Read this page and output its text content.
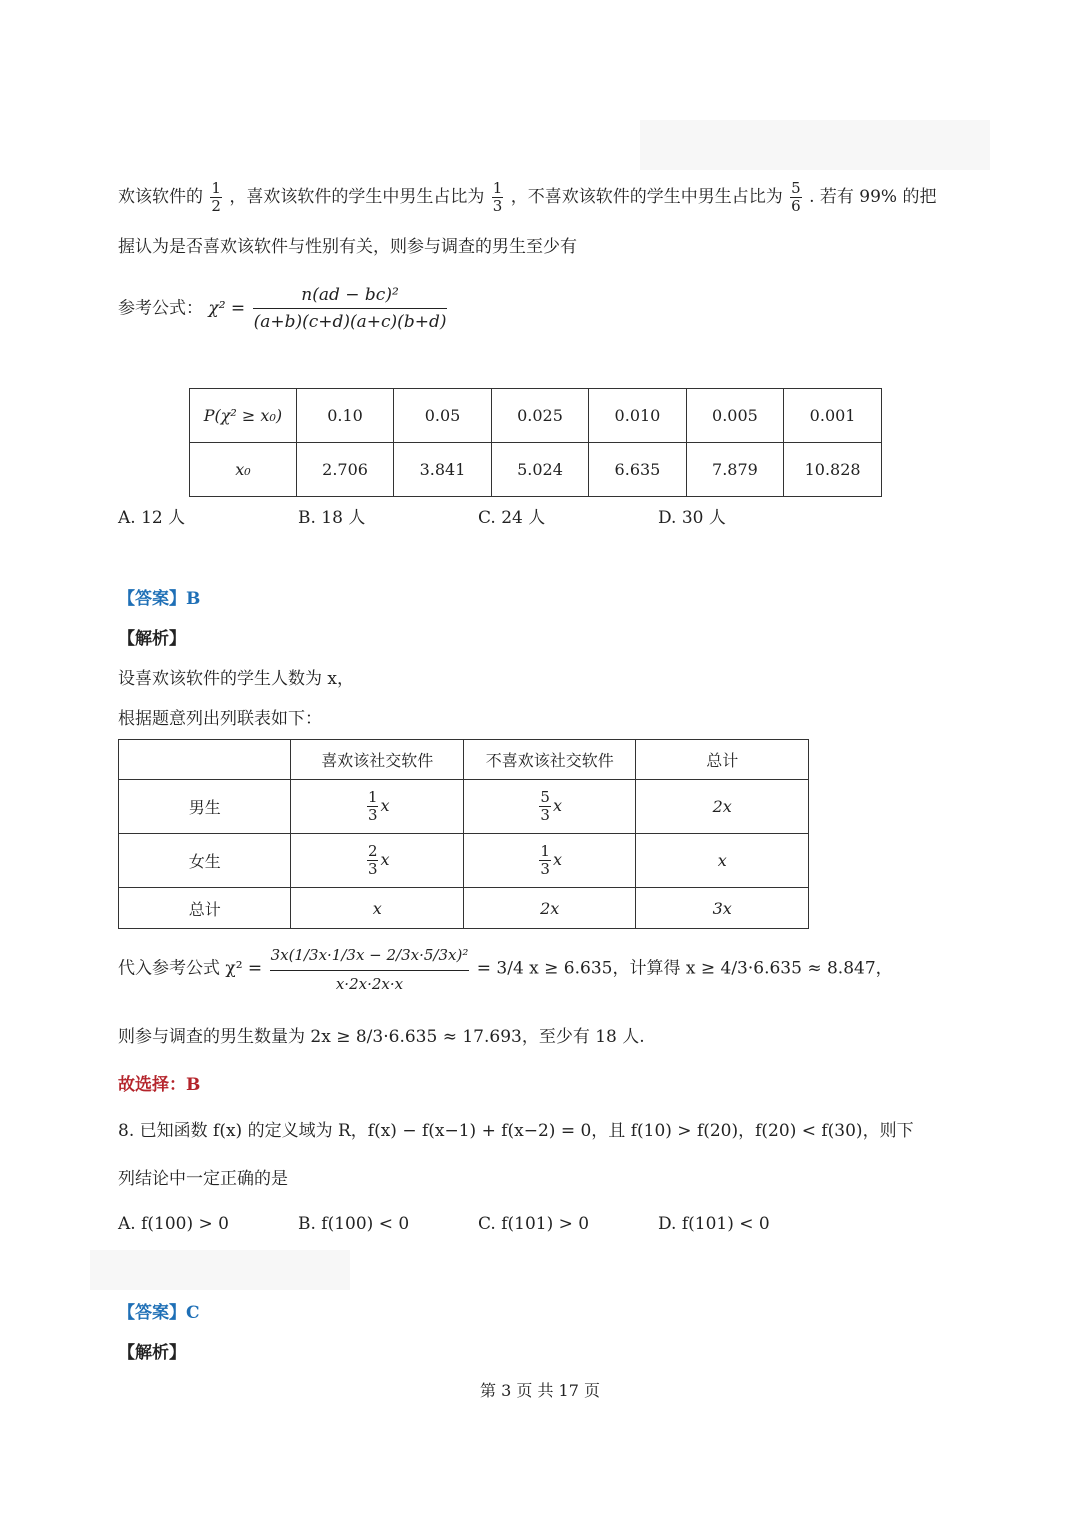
欢该软件的 $\frac{1}{2}$ ，喜欢该软件的学生中男生占比为 $\frac{1}{3}$ ，不喜欢该软件的学生中男生占比为 $\frac{5}{6}$ . 若有 99% 的把
握认为是否喜欢该软件与性别有关，则参与调查的男生至少有
参考公式： $\chi^2 = \frac{\text{n(ad − bc)²}}{(a+b)(c+d)(a+c)(b+d)}$
P(χ² ≥ x₀)	0.10	0.05	0.025	0.010	0.005	0.001
x₀	2.706	3.841	5.024	6.635	7.879	10.828
A. 12 人	B. 18 人	C. 24 人	D. 30 人
【答案】B
【解析】
设喜欢该软件的学生人数为 x，
根据题意列出列联表如下：
	喜欢该社交软件	不喜欢该社交软件	总计
男生	$\frac{1}{3}$ x	$\frac{5}{3}$ x	2x
女生	$\frac{2}{3}$ x	$\frac{1}{3}$ x	x
总计	x	2x	3x
代入参考公式 $\chi^2 = \frac{\text{3x(1/3x·1/3x − 2/3x·5/3x)²}}{x\cdot 2x\cdot 2x\cdot x} = 3/4$ x ≥ 6.635，计算得 x ≥ 4/3·6.635 ≈ 8.847，
则参与调查的男生数量为 2x ≥ 8/3·6.635 ≈ 17.693，至少有 18 人.
故选择：B
8. 已知函数 f(x) 的定义域为 R，f(x) − f(x−1) + f(x−2) = 0，且 f(10) > f(20)，f(20) < f(30)，则下
列结论中一定正确的是
A. f(100) > 0	B. f(100) < 0	C. f(101) > 0	D. f(101) < 0
【答案】C
【解析】
第 3 页 共 17 页
